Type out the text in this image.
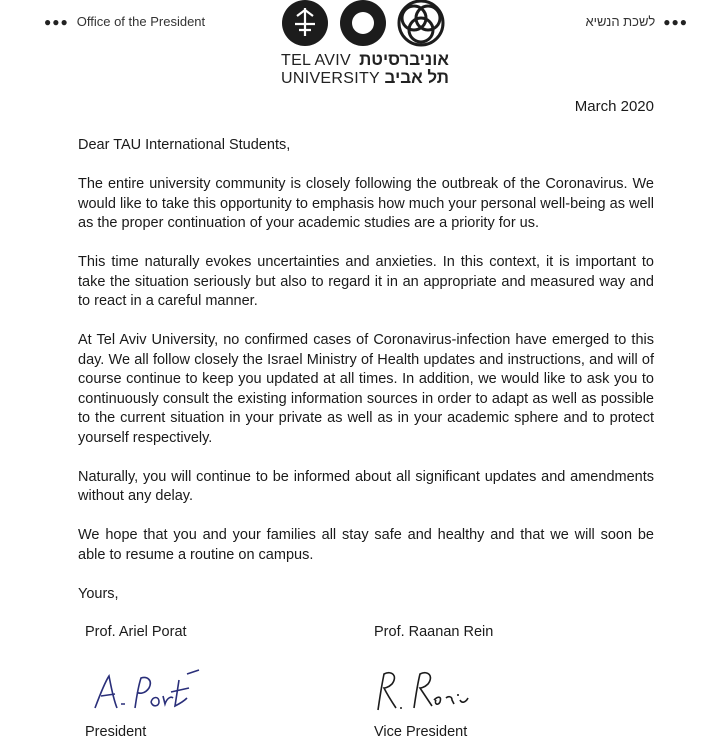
●●● Office of the President	לשכת הנשיא ●●●
TEL AVIV
UNIVERSITY
אוניברסיטת
תל אביב
March 2020

Dear TAU International Students,

The entire university community is closely following the outbreak of the Coronavirus. We would like to take this opportunity to emphasis how much your personal well-being as well as the proper continuation of your academic studies are a priority for us.

This time naturally evokes uncertainties and anxieties. In this context, it is important to take the situation seriously but also to regard it in an appropriate and measured way and to react in a careful manner.

At Tel Aviv University, no confirmed cases of Coronavirus-infection have emerged to this day. We all follow closely the Israel Ministry of Health updates and instructions, and will of course continue to keep you updated at all times. In addition, we would like to ask you to continuously consult the existing information sources in order to adapt as well as possible to the current situation in your private as well as in your academic sphere and to protect yourself respectively.

Naturally, you will continue to be informed about all significant updates and amendments without any delay.

We hope that you and your families all stay safe and healthy and that we will soon be able to resume a routine on campus.

Yours,

Prof. Ariel Porat
President
Prof. Raanan Rein
Vice President
